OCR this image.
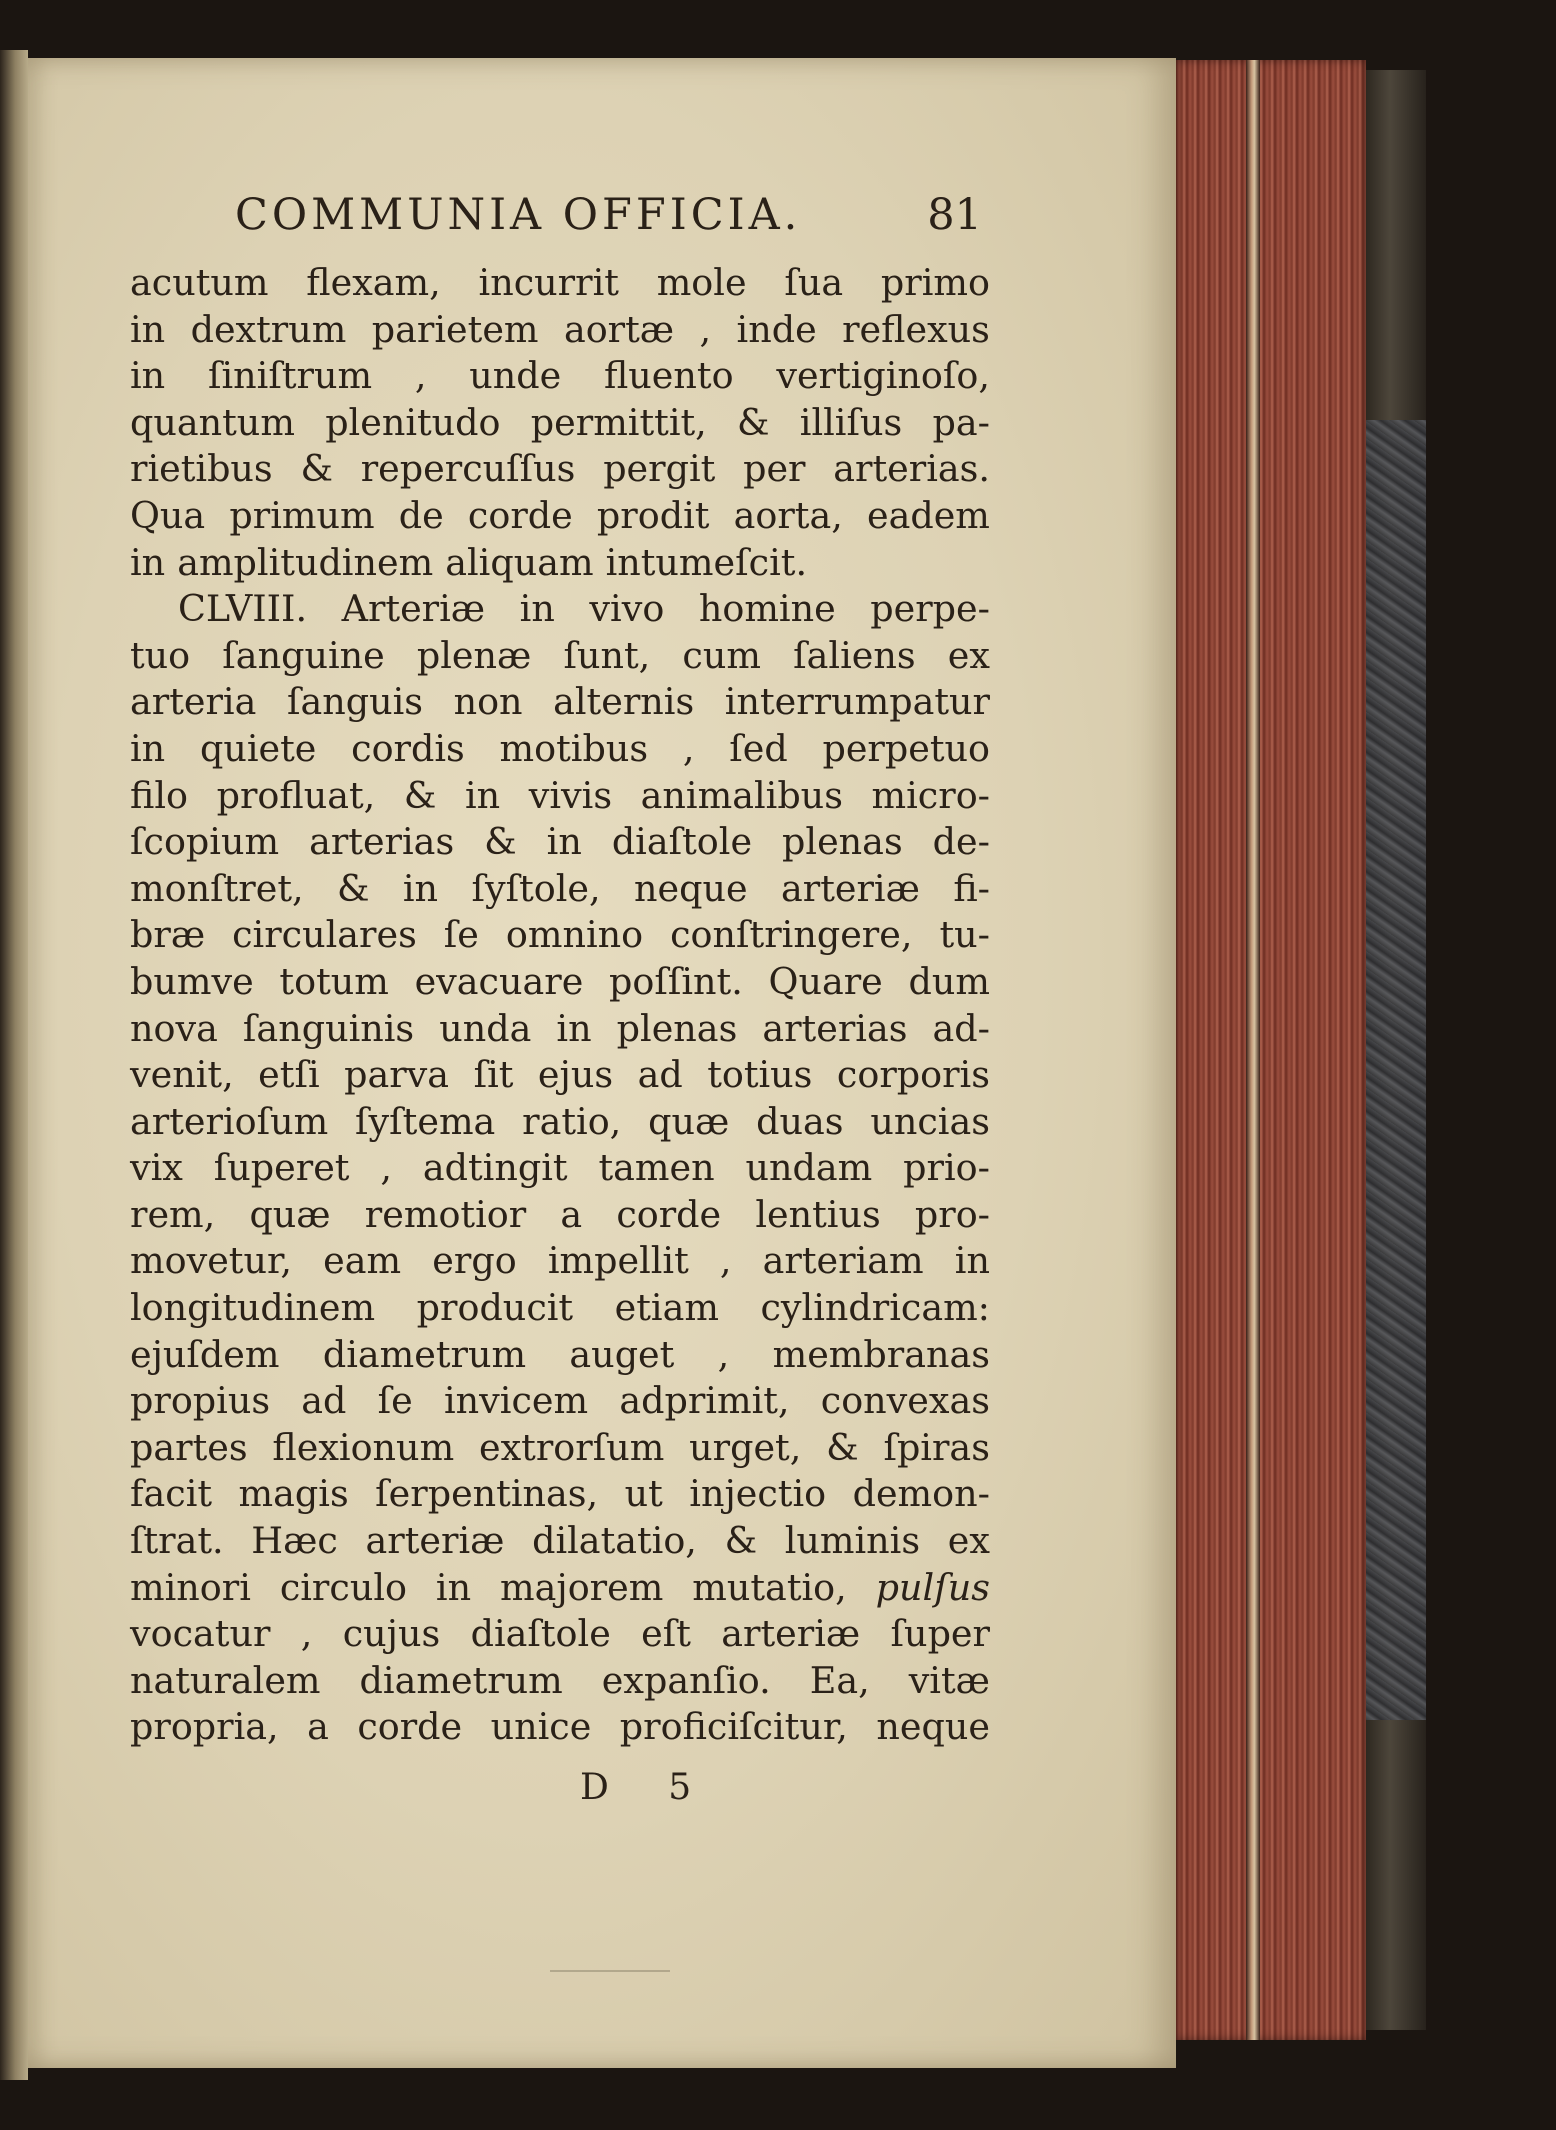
COMMUNIA OFFICIA.	81
acutum flexam, incurrit mole ſua primo
in dextrum parietem aortæ , inde reflexus
in ſiniſtrum , unde fluento vertiginoſo,
quantum plenitudo permittit, & illiſus pa-
rietibus & repercuſſus pergit per arterias.
Qua primum de corde prodit aorta, eadem
in amplitudinem aliquam intumeſcit.
CLVIII. Arteriæ in vivo homine perpe-
tuo ſanguine plenæ ſunt, cum ſaliens ex
arteria ſanguis non alternis interrumpatur
in quiete cordis motibus , ſed perpetuo
filo profluat, & in vivis animalibus micro-
ſcopium arterias & in diaſtole plenas de-
monſtret, & in ſyſtole, neque arteriæ fi-
bræ circulares ſe omnino conſtringere, tu-
bumve totum evacuare poſſint. Quare dum
nova ſanguinis unda in plenas arterias ad-
venit, etſi parva ſit ejus ad totius corporis
arterioſum ſyſtema ratio, quæ duas uncias
vix ſuperet , adtingit tamen undam prio-
rem, quæ remotior a corde lentius pro-
movetur, eam ergo impellit , arteriam in
longitudinem producit etiam cylindricam:
ejuſdem diametrum auget , membranas
propius ad ſe invicem adprimit, convexas
partes flexionum extrorſum urget, & ſpiras
facit magis ſerpentinas, ut injectio demon-
ſtrat. Hæc arteriæ dilatatio, & luminis ex
minori circulo in majorem mutatio, pulſus
vocatur , cujus diaſtole eſt arteriæ ſuper
naturalem diametrum expanſio. Ea, vitæ
propria, a corde unice proficiſcitur, neque
D 5
